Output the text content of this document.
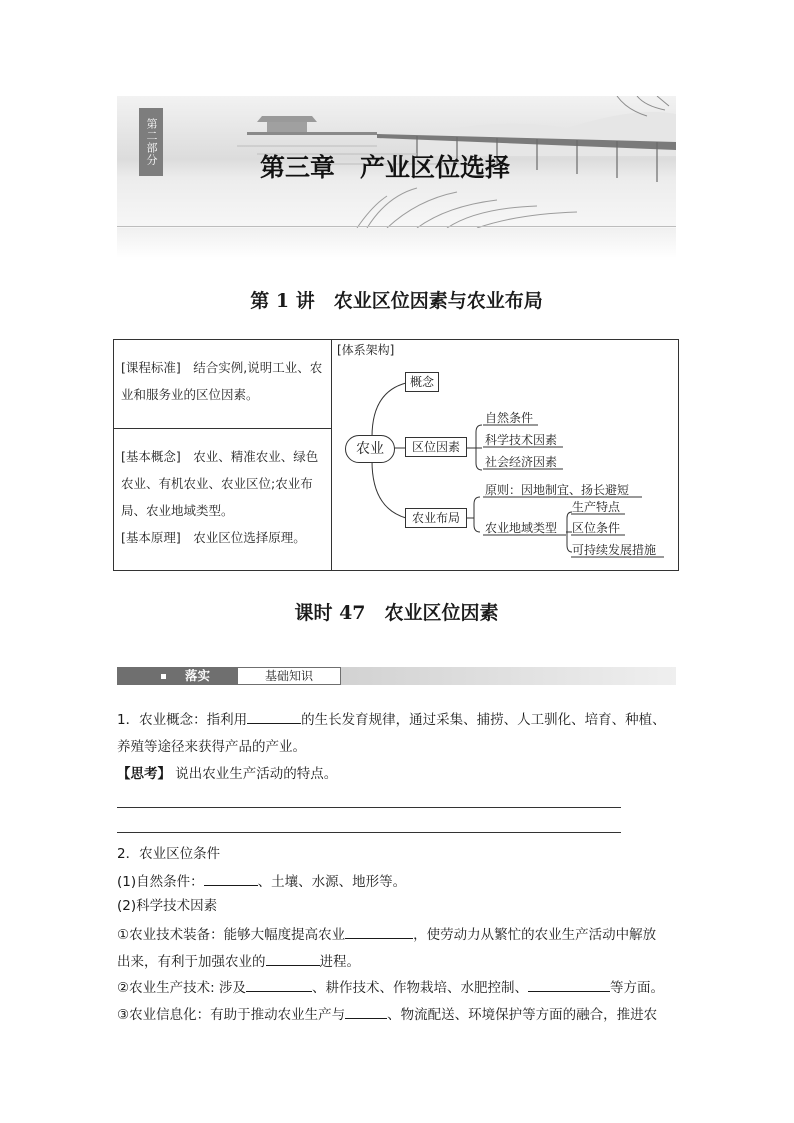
第二部分
第三章　产业区位选择
第 1 讲　农业区位因素与农业布局
[课程标准]　结合实例,说明工业、农业和服务业的区位因素。
[基本概念]　农业、精准农业、绿色农业、有机农业、农业区位;农业布局、农业地域类型。
[基本原理]　农业区位选择原理。
[体系架构]
农业
概念
区位因素
农业布局
自然条件
科学技术因素
社会经济因素
原则：因地制宜、扬长避短
农业地域类型
生产特点
区位条件
可持续发展措施
课时 47　农业区位因素
落实	基础知识
1．农业概念：指利用	的生长发育规律，通过采集、捕捞、人工驯化、培育、种植、
养殖等途径来获得产品的产业。
【思考】 说出农业生产活动的特点。
2．农业区位条件
(1)自然条件：	、土壤、水源、地形等。
(2)科学技术因素
①农业技术装备：能够大幅度提高农业	，使劳动力从繁忙的农业生产活动中解放
出来，有利于加强农业的	进程。
②农业生产技术: 涉及	、耕作技术、作物栽培、水肥控制、	等方面。
③农业信息化：有助于推动农业生产与	、物流配送、环境保护等方面的融合，推进农
